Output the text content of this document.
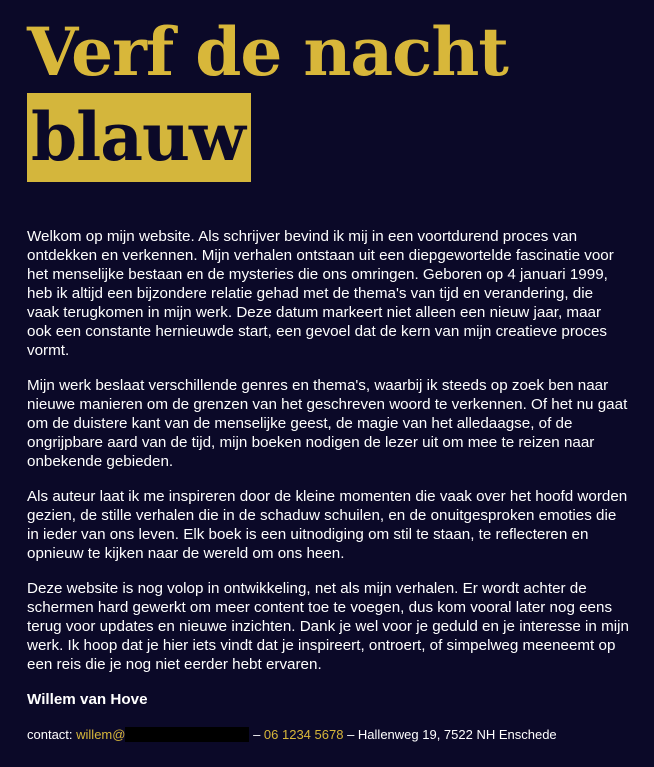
Verf de nacht
blauw

Welkom op mijn website. Als schrijver bevind ik mij in een voortdurend proces van ontdekken en verkennen. Mijn verhalen ontstaan uit een diepgewortelde fascinatie voor het menselijke bestaan en de mysteries die ons omringen. Geboren op 4 januari 1999, heb ik altijd een bijzondere relatie gehad met de thema's van tijd en verandering, die vaak terugkomen in mijn werk. Deze datum markeert niet alleen een nieuw jaar, maar ook een constante hernieuwde start, een gevoel dat de kern van mijn creatieve proces vormt.

Mijn werk beslaat verschillende genres en thema's, waarbij ik steeds op zoek ben naar nieuwe manieren om de grenzen van het geschreven woord te verkennen. Of het nu gaat om de duistere kant van de menselijke geest, de magie van het alledaagse, of de ongrijpbare aard van de tijd, mijn boeken nodigen de lezer uit om mee te reizen naar onbekende gebieden.

Als auteur laat ik me inspireren door de kleine momenten die vaak over het hoofd worden gezien, de stille verhalen die in de schaduw schuilen, en de onuitgesproken emoties die in ieder van ons leven. Elk boek is een uitnodiging om stil te staan, te reflecteren en opnieuw te kijken naar de wereld om ons heen.

Deze website is nog volop in ontwikkeling, net als mijn verhalen. Er wordt achter de schermen hard gewerkt om meer content toe te voegen, dus kom vooral later nog eens terug voor updates en nieuwe inzichten. Dank je wel voor je geduld en je interesse in mijn werk. Ik hoop dat je hier iets vindt dat je inspireert, ontroert, of simpelweg meeneemt op een reis die je nog niet eerder hebt ervaren.

Willem van Hove
contact: willem@	– 06 1234 5678 – Hallenweg 19, 7522 NH Enschede
